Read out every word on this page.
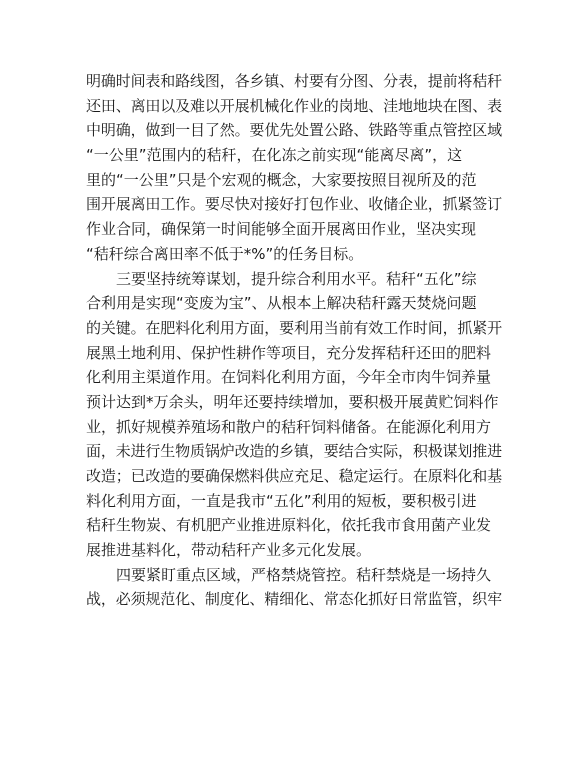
明确时间表和路线图，各乡镇、村要有分图、分表，提前将秸秆
还田、离田以及难以开展机械化作业的岗地、洼地地块在图、表
中明确，做到一目了然。要优先处置公路、铁路等重点管控区域
“一公里”范围内的秸秆，在化冻之前实现“能离尽离”，这
里的“一公里”只是个宏观的概念，大家要按照目视所及的范
围开展离田工作。要尽快对接好打包作业、收储企业，抓紧签订
作业合同，确保第一时间能够全面开展离田作业，坚决实现
“秸秆综合离田率不低于*%”的任务目标。
三要坚持统筹谋划，提升综合利用水平。秸秆“五化”综
合利用是实现“变废为宝”、从根本上解决秸秆露天焚烧问题
的关键。在肥料化利用方面，要利用当前有效工作时间，抓紧开
展黑土地利用、保护性耕作等项目，充分发挥秸秆还田的肥料
化利用主渠道作用。在饲料化利用方面，今年全市肉牛饲养量
预计达到*万余头，明年还要持续增加，要积极开展黄贮饲料作
业，抓好规模养殖场和散户的秸秆饲料储备。在能源化利用方
面，未进行生物质锅炉改造的乡镇，要结合实际，积极谋划推进
改造；已改造的要确保燃料供应充足、稳定运行。在原料化和基
料化利用方面，一直是我市“五化”利用的短板，要积极引进
秸秆生物炭、有机肥产业推进原料化，依托我市食用菌产业发
展推进基料化，带动秸秆产业多元化发展。
四要紧盯重点区域，严格禁烧管控。秸秆禁烧是一场持久
战，必须规范化、制度化、精细化、常态化抓好日常监管，织牢
